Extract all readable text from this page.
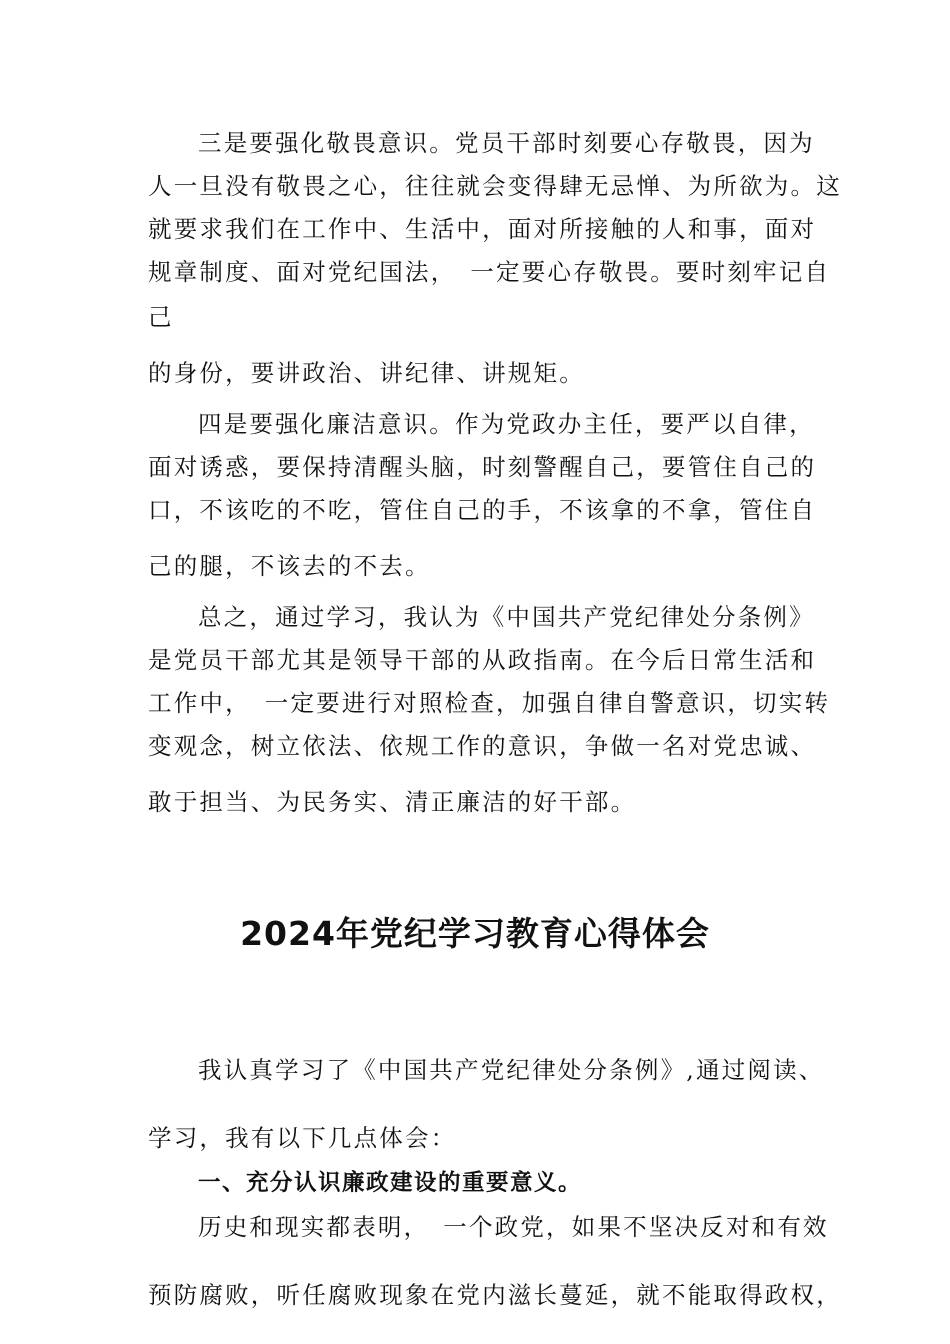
三是要强化敬畏意识。党员干部时刻要心存敬畏，因为
人一旦没有敬畏之心，往往就会变得肆无忌惮、为所欲为。这
就要求我们在工作中、生活中，面对所接触的人和事，面对
规章制度、面对党纪国法，　一定要心存敬畏。要时刻牢记自
己
的身份，要讲政治、讲纪律、讲规矩。
四是要强化廉洁意识。作为党政办主任，要严以自律，
面对诱惑，要保持清醒头脑，时刻警醒自己，要管住自己的
口，不该吃的不吃，管住自己的手，不该拿的不拿，管住自
己的腿，不该去的不去。
总之，通过学习，我认为《中国共产党纪律处分条例》
是党员干部尤其是领导干部的从政指南。在今后日常生活和
工作中，　一定要进行对照检查，加强自律自警意识，切实转
变观念，树立依法、依规工作的意识，争做一名对党忠诚、
敢于担当、为民务实、清正廉洁的好干部。
2024年党纪学习教育心得体会
我认真学习了《中国共产党纪律处分条例》,通过阅读、
学习，我有以下几点体会：
一、充分认识廉政建设的重要意义。
历史和现实都表明，　一个政党，如果不坚决反对和有效
预防腐败，听任腐败现象在党内滋长蔓延，就不能取得政权，
